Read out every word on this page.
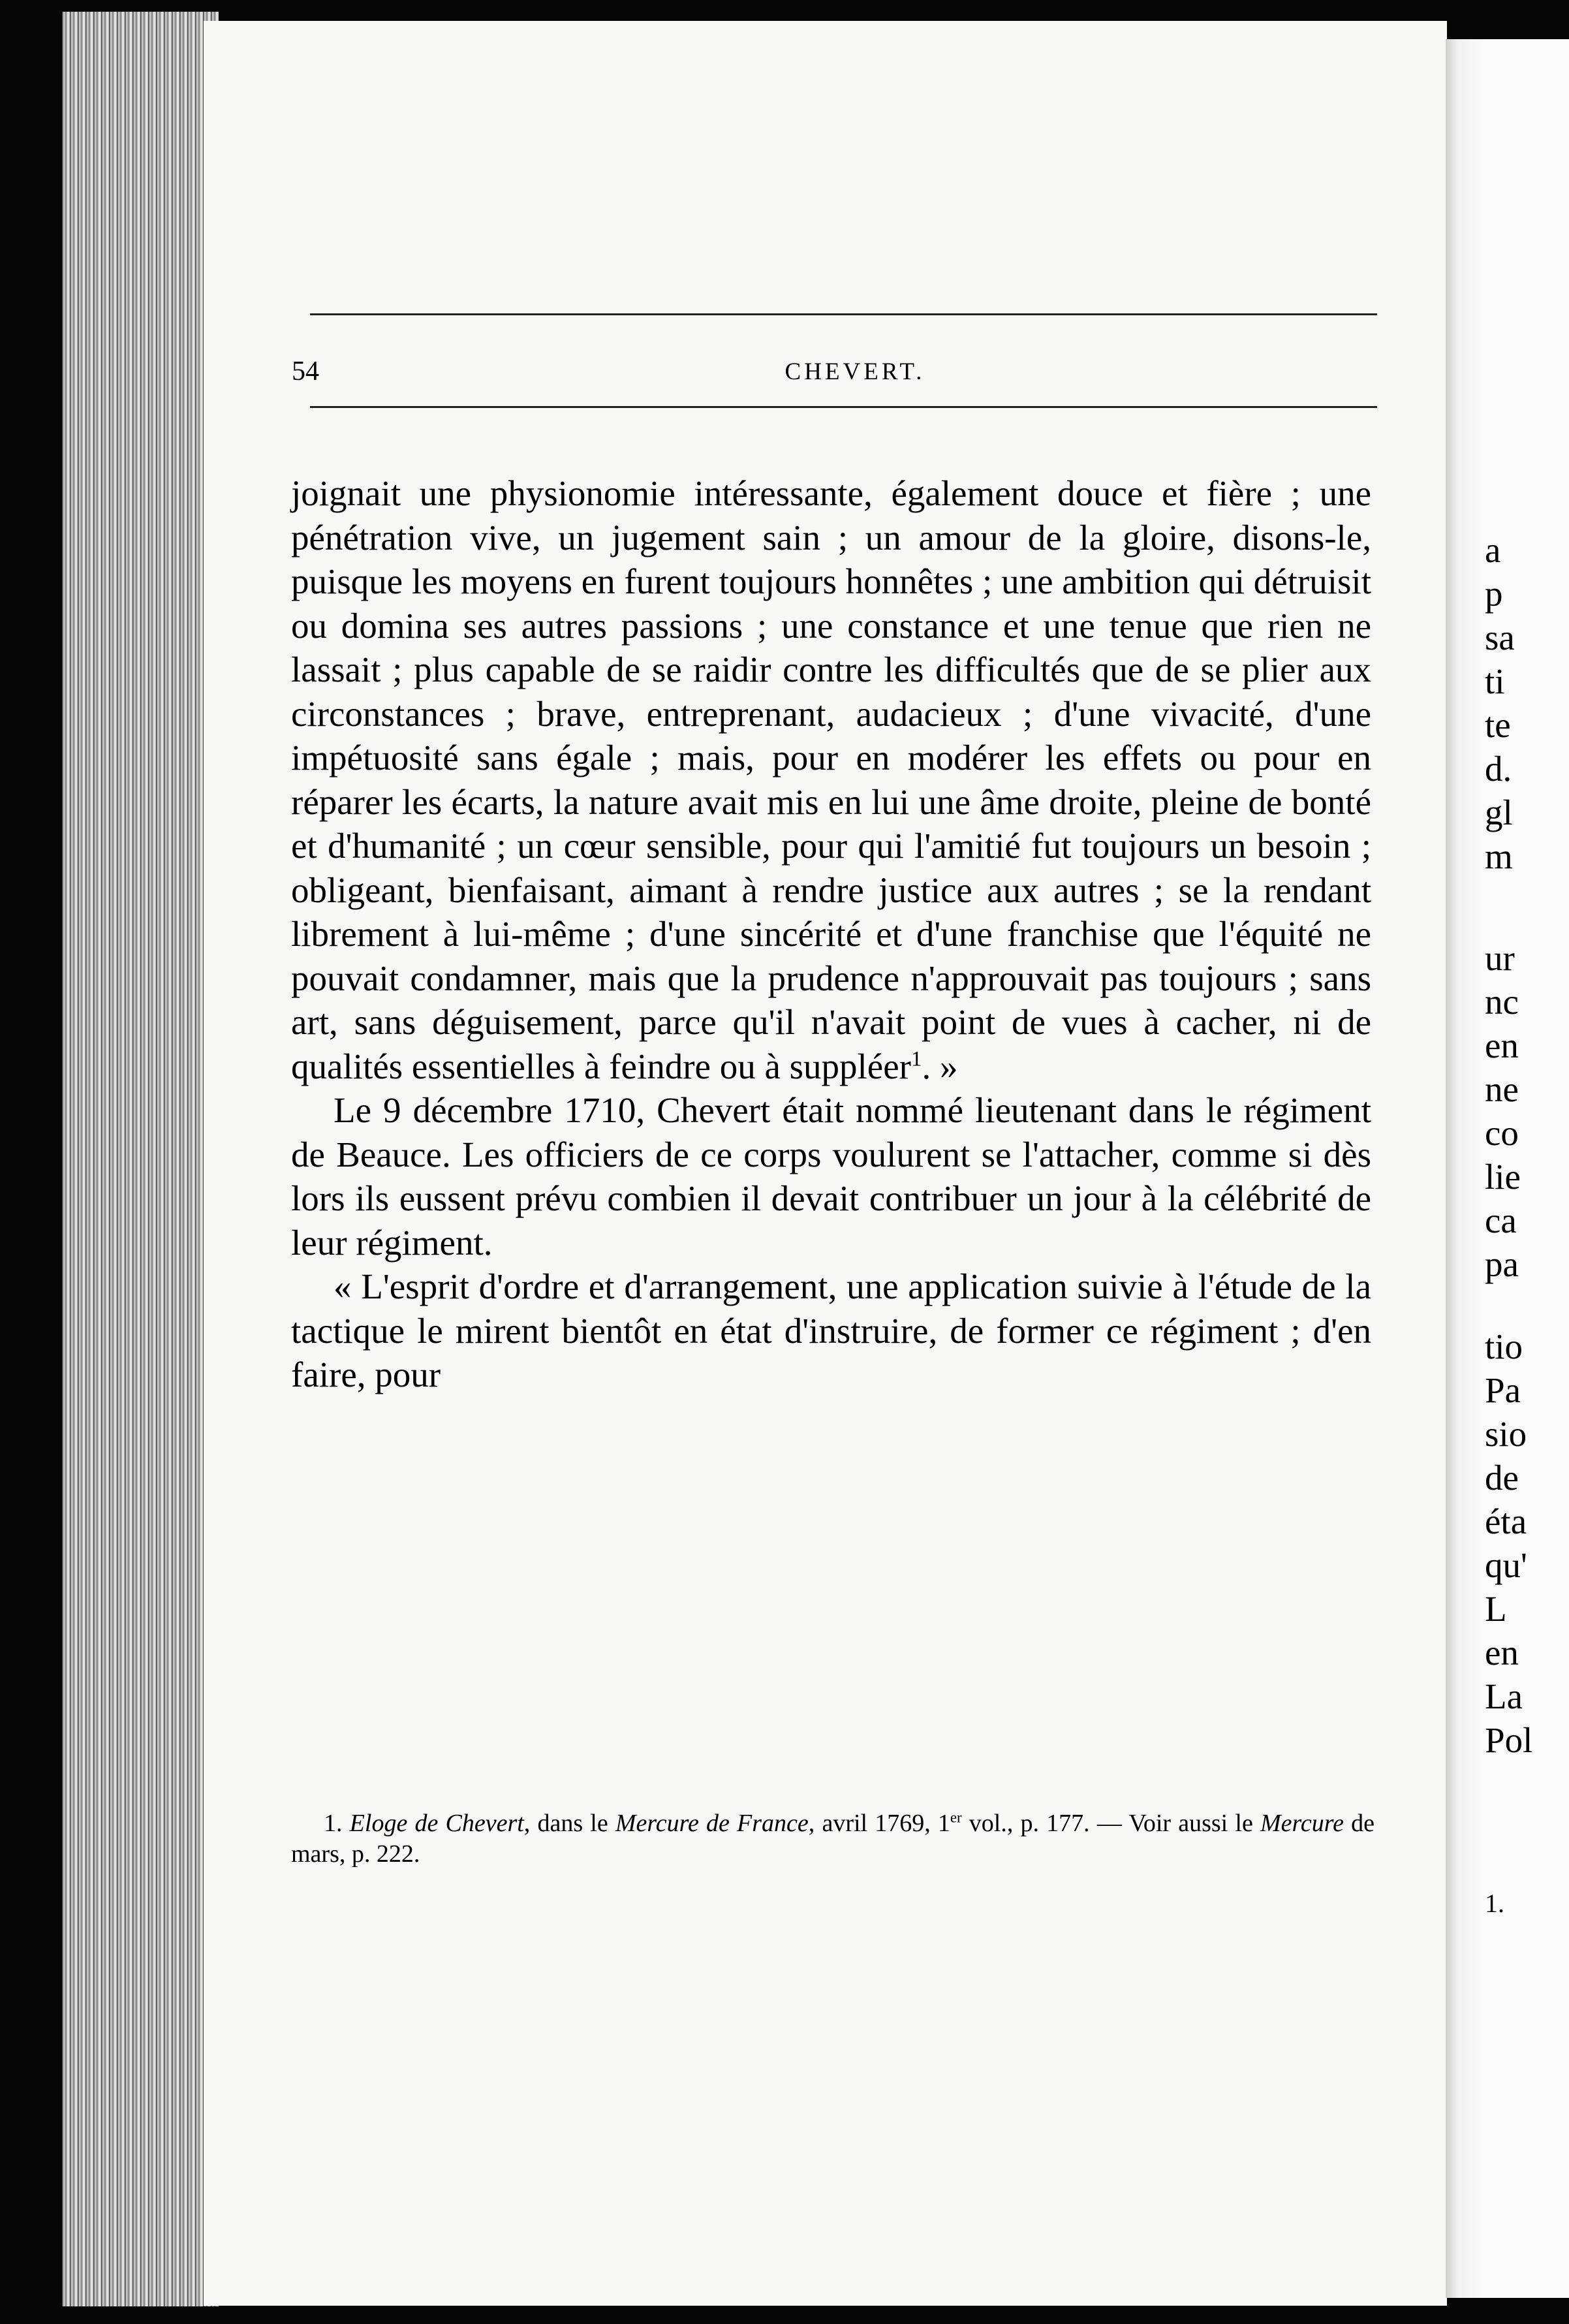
a
p
sa
ti
te
d.
gl
m
ur
nc
en
ne
co
lie
ca
pa
tio
Pa
sio
de
éta
qu'
L
en
La
Pol
1.
54	CHEVERT.

joignait une physionomie intéressante, également douce et fière ; une pénétration vive, un jugement sain ; un amour de la gloire, disons-le, puisque les moyens en furent toujours honnêtes ; une ambition qui détruisit ou domina ses autres passions ; une constance et une tenue que rien ne lassait ; plus capable de se raidir contre les difficultés que de se plier aux circonstances ; brave, entreprenant, audacieux ; d'une vivacité, d'une impétuosité sans égale ; mais, pour en modérer les effets ou pour en réparer les écarts, la nature avait mis en lui une âme droite, pleine de bonté et d'humanité ; un cœur sensible, pour qui l'amitié fut toujours un besoin ; obligeant, bienfaisant, aimant à rendre justice aux autres ; se la rendant librement à lui-même ; d'une sincérité et d'une franchise que l'équité ne pouvait condamner, mais que la prudence n'approuvait pas toujours ; sans art, sans déguisement, parce qu'il n'avait point de vues à cacher, ni de qualités essentielles à feindre ou à suppléer$^1$. »

Le 9 décembre 1710, Chevert était nommé lieutenant dans le régiment de Beauce. Les officiers de ce corps voulurent se l'attacher, comme si dès lors ils eussent prévu combien il devait contribuer un jour à la célébrité de leur régiment.

« L'esprit d'ordre et d'arrangement, une application suivie à l'étude de la tactique le mirent bientôt en état d'instruire, de former ce régiment ; d'en faire, pour

1. Eloge de Chevert, dans le Mercure de France, avril 1769, 1er vol., p. 177. — Voir aussi le Mercure de mars, p. 222.
